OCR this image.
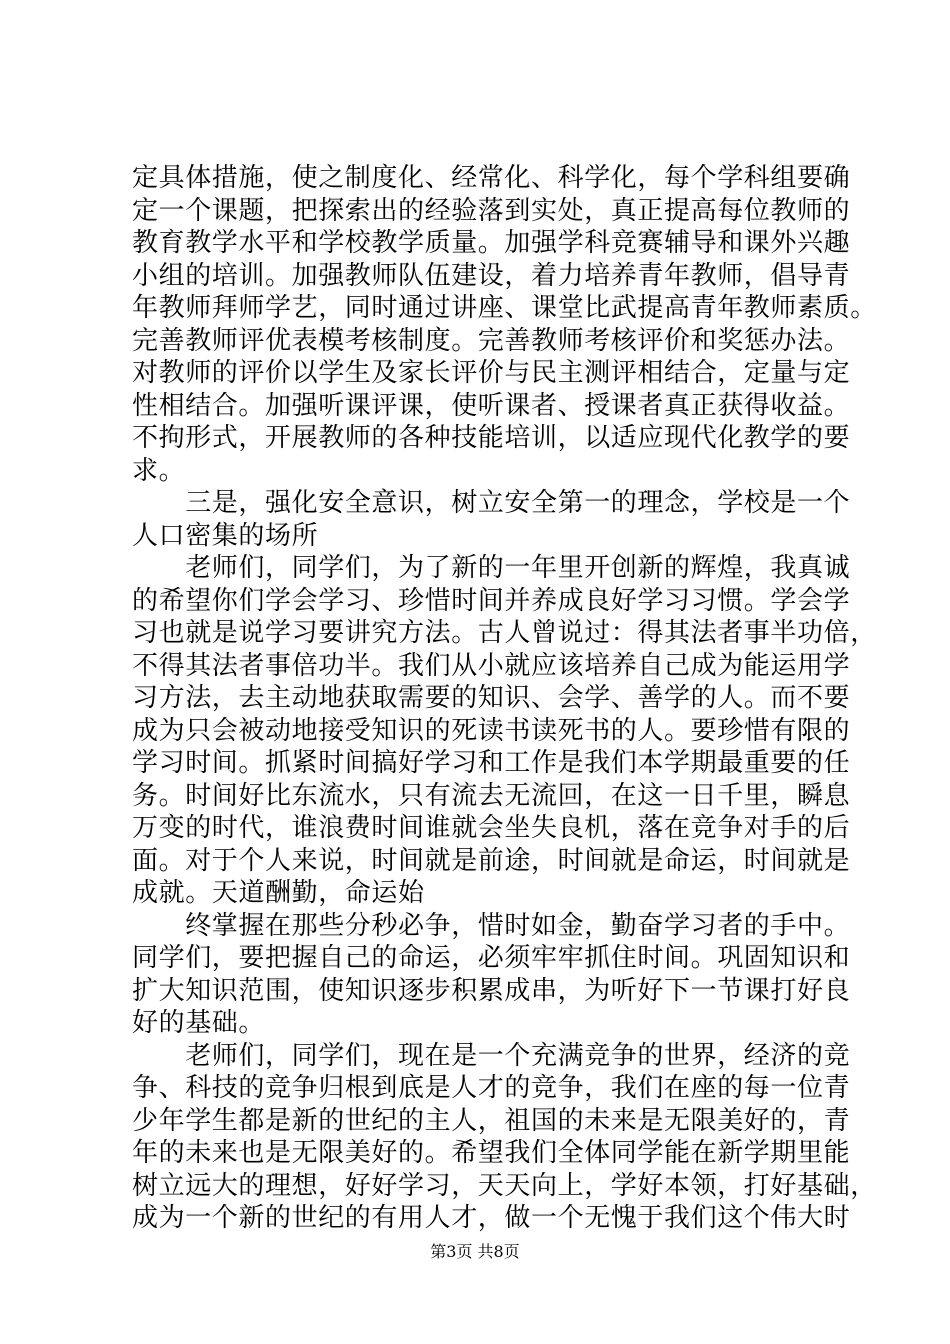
定具体措施，使之制度化、经常化、科学化，每个学科组要确
定一个课题，把探索出的经验落到实处，真正提高每位教师的
教育教学水平和学校教学质量。加强学科竞赛辅导和课外兴趣
小组的培训。加强教师队伍建设，着力培养青年教师，倡导青
年教师拜师学艺，同时通过讲座、课堂比武提高青年教师素质。
完善教师评优表模考核制度。完善教师考核评价和奖惩办法。
对教师的评价以学生及家长评价与民主测评相结合，定量与定
性相结合。加强听课评课，使听课者、授课者真正获得收益。
不拘形式，开展教师的各种技能培训，以适应现代化教学的要
求。
　　三是，强化安全意识，树立安全第一的理念，学校是一个
人口密集的场所
　　老师们，同学们，为了新的一年里开创新的辉煌，我真诚
的希望你们学会学习、珍惜时间并养成良好学习习惯。学会学
习也就是说学习要讲究方法。古人曾说过：得其法者事半功倍，
不得其法者事倍功半。我们从小就应该培养自己成为能运用学
习方法，去主动地获取需要的知识、会学、善学的人。而不要
成为只会被动地接受知识的死读书读死书的人。要珍惜有限的
学习时间。抓紧时间搞好学习和工作是我们本学期最重要的任
务。时间好比东流水，只有流去无流回，在这一日千里，瞬息
万变的时代，谁浪费时间谁就会坐失良机，落在竞争对手的后
面。对于个人来说，时间就是前途，时间就是命运，时间就是
成就。天道酬勤，命运始
　　终掌握在那些分秒必争，惜时如金，勤奋学习者的手中。
同学们，要把握自己的命运，必须牢牢抓住时间。巩固知识和
扩大知识范围，使知识逐步积累成串，为听好下一节课打好良
好的基础。
　　老师们，同学们，现在是一个充满竞争的世界，经济的竞
争、科技的竞争归根到底是人才的竞争，我们在座的每一位青
少年学生都是新的世纪的主人，祖国的未来是无限美好的，青
年的未来也是无限美好的。希望我们全体同学能在新学期里能
树立远大的理想，好好学习，天天向上，学好本领，打好基础，
成为一个新的世纪的有用人才，做一个无愧于我们这个伟大时
第3页 共8页
